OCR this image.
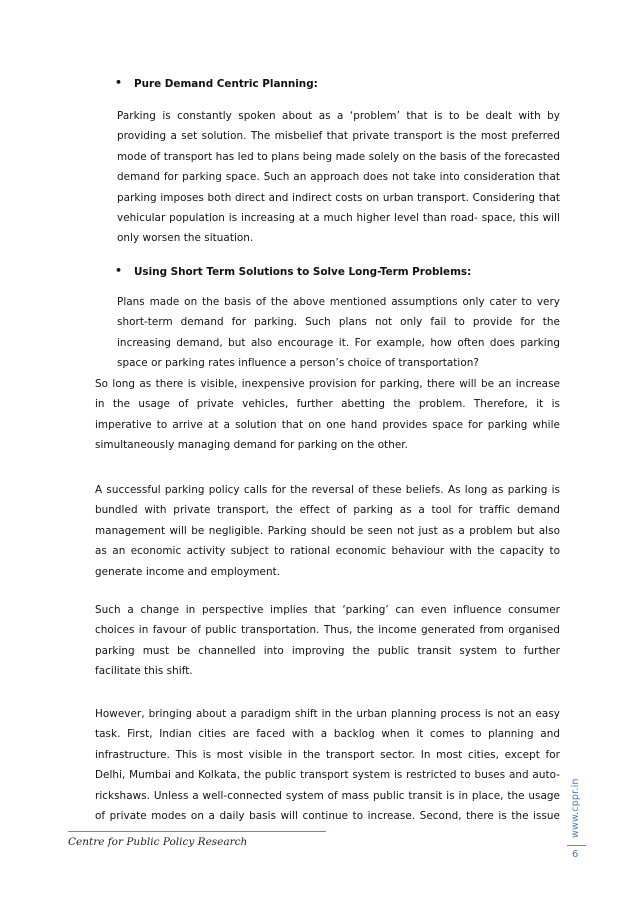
• Pure Demand Centric Planning:
Parking is constantly spoken about as a ‘problem’ that is to be dealt with by
providing a set solution. The misbelief that private transport is the most preferred
mode of transport has led to plans being made solely on the basis of the forecasted
demand for parking space. Such an approach does not take into consideration that
parking imposes both direct and indirect costs on urban transport. Considering that
vehicular population is increasing at a much higher level than road- space, this will
only worsen the situation.
• Using Short Term Solutions to Solve Long-Term Problems:
Plans made on the basis of the above mentioned assumptions only cater to very
short-term demand for parking. Such plans not only fail to provide for the
increasing demand, but also encourage it. For example, how often does parking
space or parking rates influence a person’s choice of transportation?
So long as there is visible, inexpensive provision for parking, there will be an increase
in the usage of private vehicles, further abetting the problem. Therefore, it is
imperative to arrive at a solution that on one hand provides space for parking while
simultaneously managing demand for parking on the other.
A successful parking policy calls for the reversal of these beliefs. As long as parking is
bundled with private transport, the effect of parking as a tool for traffic demand
management will be negligible. Parking should be seen not just as a problem but also
as an economic activity subject to rational economic behaviour with the capacity to
generate income and employment.
Such a change in perspective implies that ‘parking’ can even influence consumer
choices in favour of public transportation. Thus, the income generated from organised
parking must be channelled into improving the public transit system to further
facilitate this shift.
However, bringing about a paradigm shift in the urban planning process is not an easy
task. First, Indian cities are faced with a backlog when it comes to planning and
infrastructure. This is most visible in the transport sector. In most cities, except for
Delhi, Mumbai and Kolkata, the public transport system is restricted to buses and auto-
rickshaws. Unless a well-connected system of mass public transit is in place, the usage
of private modes on a daily basis will continue to increase. Second, there is the issue
Centre for Public Policy Research
www.cppr.in
6
